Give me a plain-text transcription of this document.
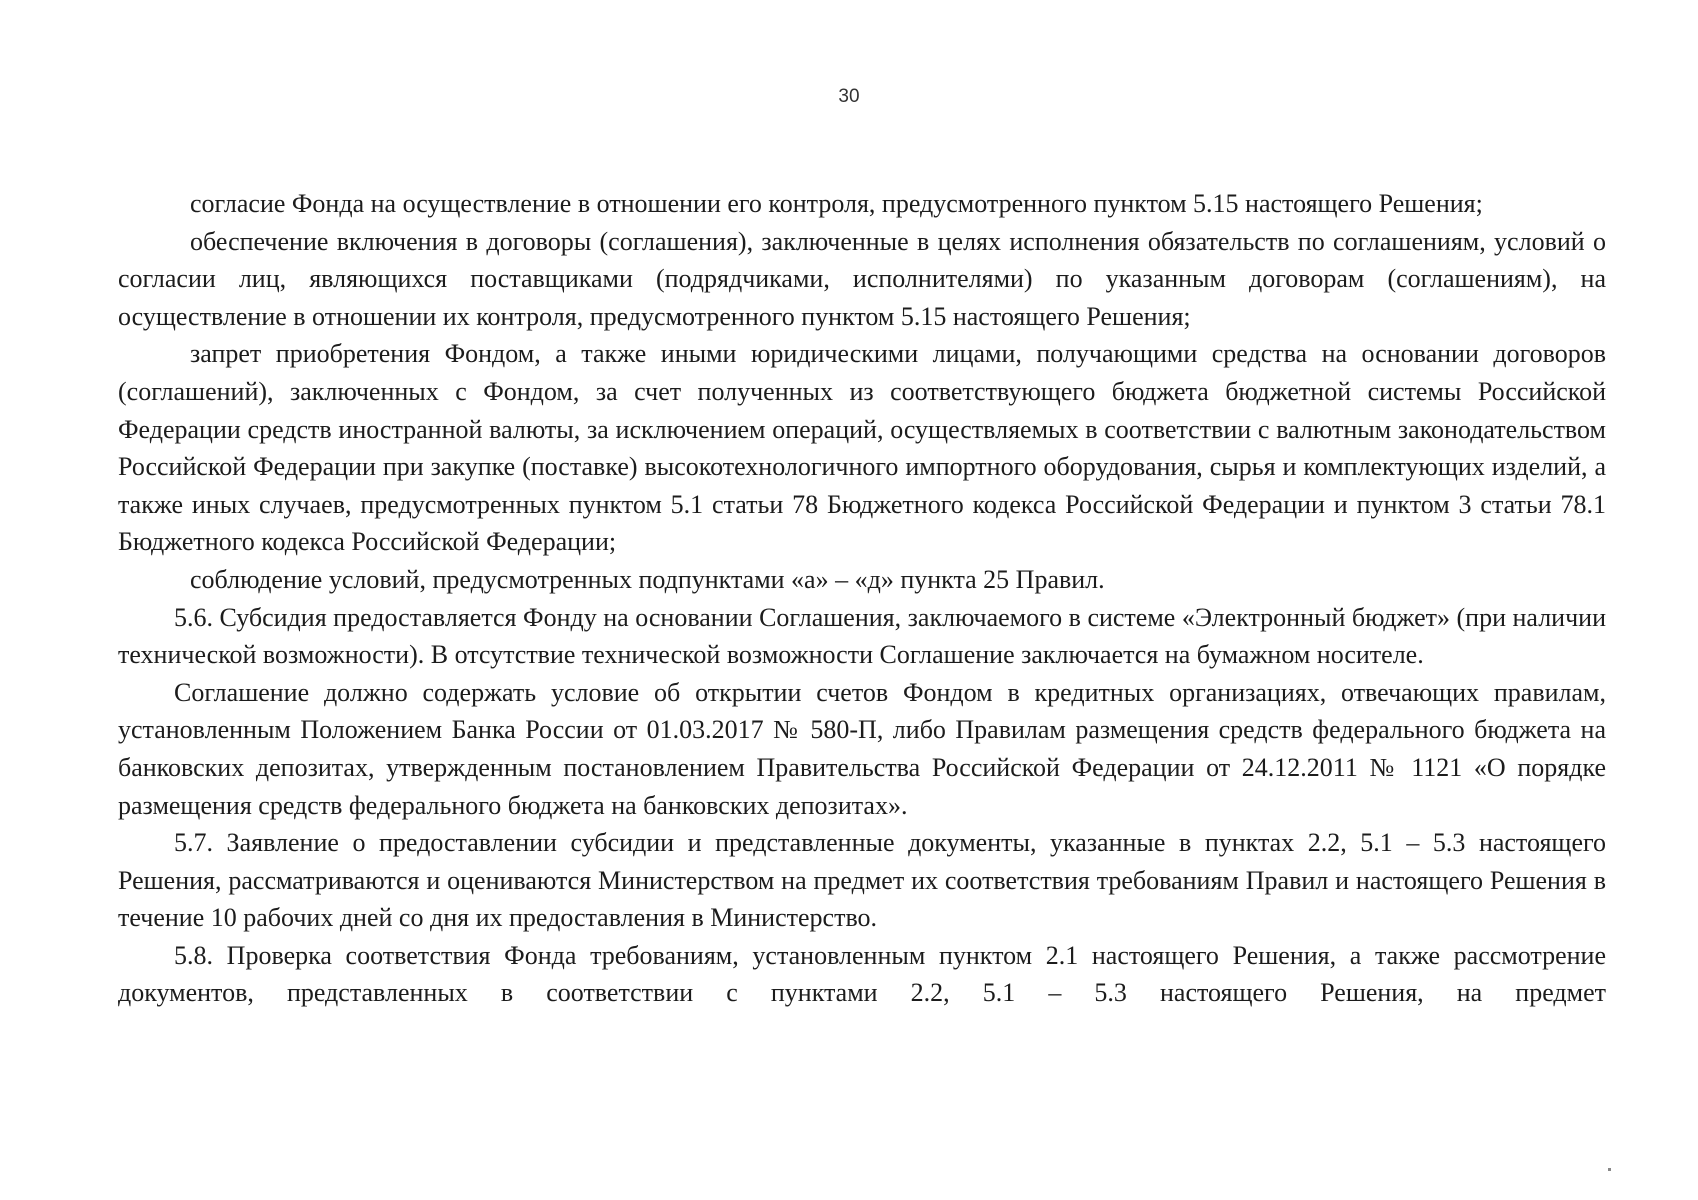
30

согласие Фонда на осуществление в отношении его контроля, предусмотренного пунктом 5.15 настоящего Решения;

обеспечение включения в договоры (соглашения), заключенные в целях исполнения обязательств по соглашениям, условий о согласии лиц, являющихся поставщиками (подрядчиками, исполнителями) по указанным договорам (соглашениям), на осуществление в отношении их контроля, предусмотренного пунктом 5.15 настоящего Решения;

запрет приобретения Фондом, а также иными юридическими лицами, получающими средства на основании договоров (соглашений), заключенных с Фондом, за счет полученных из соответствующего бюджета бюджетной системы Российской Федерации средств иностранной валюты, за исключением операций, осуществляемых в соответствии с валютным законодательством Российской Федерации при закупке (поставке) высокотехнологичного импортного оборудования, сырья и комплектующих изделий, а также иных случаев, предусмотренных пунктом 5.1 статьи 78 Бюджетного кодекса Российской Федерации и пунктом 3 статьи 78.1 Бюджетного кодекса Российской Федерации;

соблюдение условий, предусмотренных подпунктами «а» – «д» пункта 25 Правил.

5.6. Субсидия предоставляется Фонду на основании Соглашения, заключаемого в системе «Электронный бюджет» (при наличии технической возможности). В отсутствие технической возможности Соглашение заключается на бумажном носителе.

Соглашение должно содержать условие об открытии счетов Фондом в кредитных организациях, отвечающих правилам, установленным Положением Банка России от 01.03.2017 № 580-П, либо Правилам размещения средств федерального бюджета на банковских депозитах, утвержденным постановлением Правительства Российской Федерации от 24.12.2011 № 1121 «О порядке размещения средств федерального бюджета на банковских депозитах».

5.7. Заявление о предоставлении субсидии и представленные документы, указанные в пунктах 2.2, 5.1 – 5.3 настоящего Решения, рассматриваются и оцениваются Министерством на предмет их соответствия требованиям Правил и настоящего Решения в течение 10 рабочих дней со дня их предоставления в Министерство.

5.8. Проверка соответствия Фонда требованиям, установленным пунктом 2.1 настоящего Решения, а также рассмотрение документов, представленных в соответствии с пунктами 2.2, 5.1 – 5.3 настоящего Решения, на предмет
